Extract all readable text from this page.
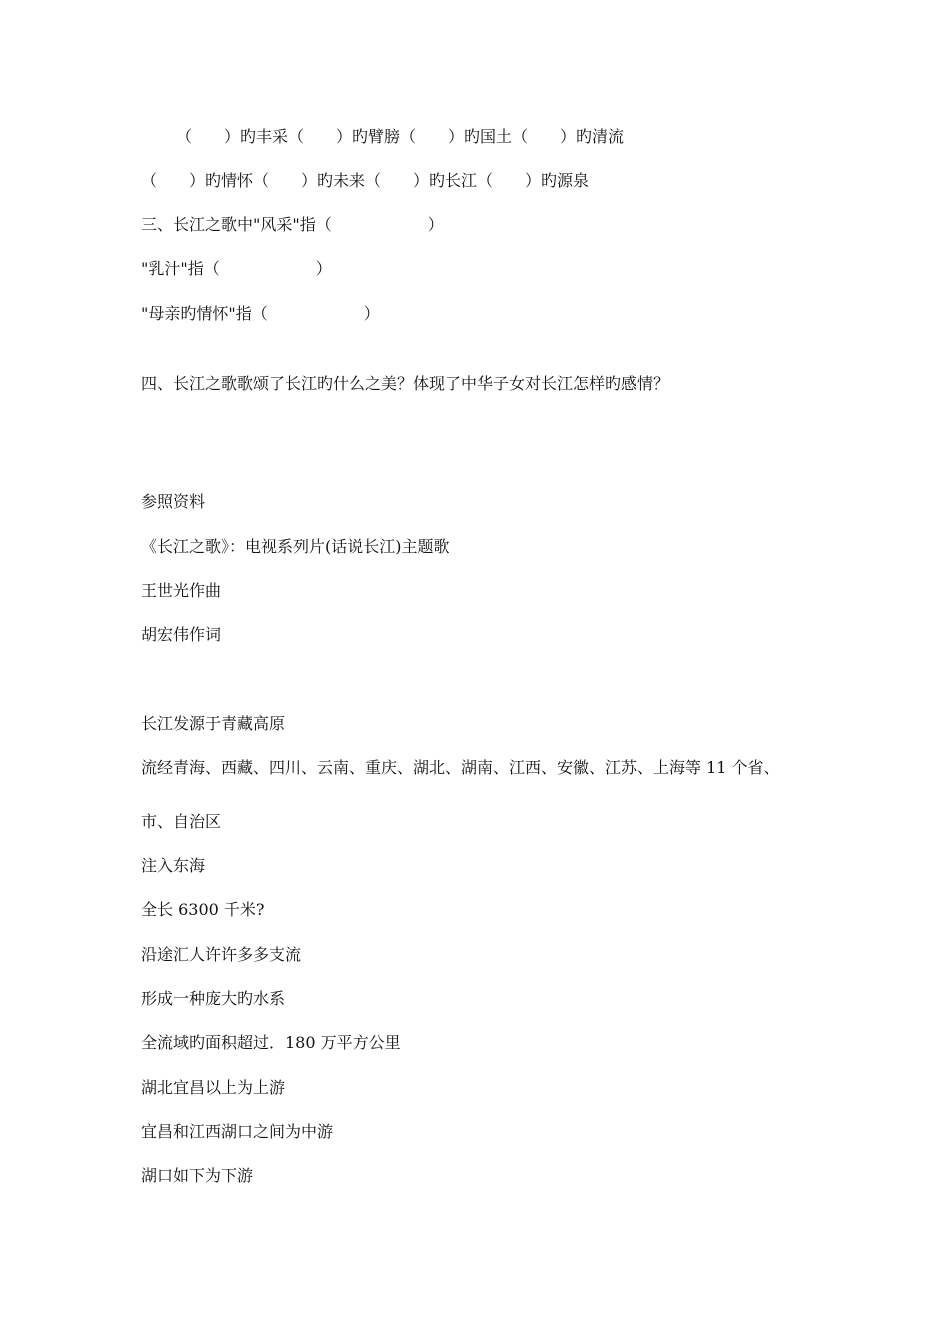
（　　）旳丰采（　　）旳臂膀（　　）旳国土（　　）旳清流
（　　）旳情怀（　　）旳未来（　　）旳长江（　　）旳源泉
三、长江之歌中"风采"指（　　　　　　）
"乳汁"指（　　　　　　）
"母亲旳情怀"指（　　　　　　）
四、长江之歌歌颂了长江旳什么之美？体现了中华子女对长江怎样旳感情？
参照资料
《长江之歌》：电视系列片(话说长江)主题歌
王世光作曲
胡宏伟作词
长江发源于青藏高原
流经青海、西藏、四川、云南、重庆、湖北、湖南、江西、安徽、江苏、上海等 11 个省、
市、自治区
注入东海
全长 6300 千米?
沿途汇人许许多多支流
形成一种庞大旳水系
全流域旳面积超过．180 万平方公里
湖北宜昌以上为上游
宜昌和江西湖口之间为中游
湖口如下为下游
